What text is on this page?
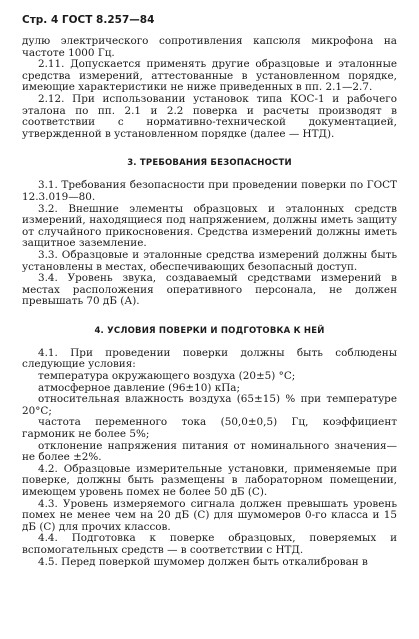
Стр. 4 ГОСТ 8.257—84

дулю электрического сопротивления капсюля микрофона на частоте 1000 Гц.

2.11. Допускается применять другие образцовые и эталонные средства измерений, аттестованные в установленном порядке, имеющие характеристики не ниже приведенных в пп. 2.1—2.7.

2.12. При использовании установок типа КОС-1 и рабочего эталона по пп. 2.1 и 2.2 поверка и расчеты производят в соответствии с нормативно-технической документацией, утвержденной в установленном порядке (далее — НТД).

3. ТРЕБОВАНИЯ БЕЗОПАСНОСТИ

3.1. Требования безопасности при проведении поверки по ГОСТ 12.3.019—80.

3.2. Внешние элементы образцовых и эталонных средств измерений, находящиеся под напряжением, должны иметь защиту от случайного прикосновения. Средства измерений должны иметь защитное заземление.

3.3. Образцовые и эталонные средства измерений должны быть установлены в местах, обеспечивающих безопасный доступ.

3.4. Уровень звука, создаваемый средствами измерений в местах расположения оперативного персонала, не должен превышать 70 дБ (А).

4. УСЛОВИЯ ПОВЕРКИ И ПОДГОТОВКА К НЕЙ

4.1. При проведении поверки должны быть соблюдены следующие условия:

температура окружающего воздуха (20±5) °С;

атмосферное давление (96±10) кПа;

относительная влажность воздуха (65±15) % при температуре 20°С;

частота переменного тока (50,0±0,5) Гц, коэффициент гармоник не более 5%;

отклонение напряжения питания от номинального значения— не более ±2%.

4.2. Образцовые измерительные установки, применяемые при поверке, должны быть размещены в лабораторном помещении, имеющем уровень помех не более 50 дБ (С).

4.3. Уровень измеряемого сигнала должен превышать уровень помех не менее чем на 20 дБ (С) для шумомеров 0-го класса и 15 дБ (С) для прочих классов.

4.4. Подготовка к поверке образцовых, поверяемых и вспомогательных средств — в соответствии с НТД.

4.5. Перед поверкой шумомер должен быть откалиброван в
